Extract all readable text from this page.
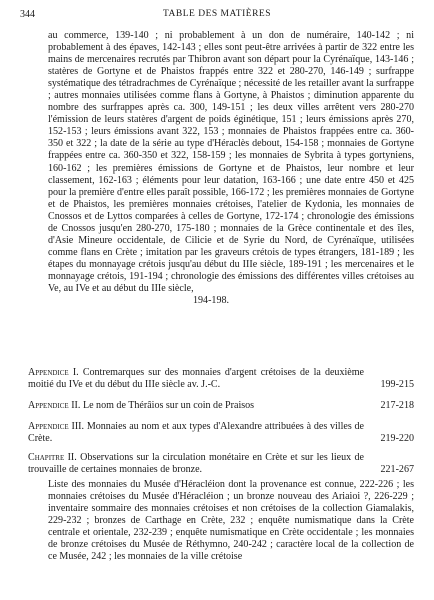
344	TABLE DES MATIÈRES
au commerce, 139-140 ; ni probablement à un don de numéraire, 140-142 ; ni probablement à des épaves, 142-143 ; elles sont peut-être arrivées à partir de 322 entre les mains de mercenaires recrutés par Thibron avant son départ pour la Cyrénaïque, 143-146 ; statères de Gortyne et de Phaistos frappés entre 322 et 280-270, 146-149 ; surfrappe systématique des tétradrachmes de Cyrénaïque ; nécessité de les retailler avant la surfrappe ; autres monnaies utilisées comme flans à Gortyne, à Phaistos ; diminution apparente du nombre des surfrappes après ca. 300, 149-151 ; les deux villes arrêtent vers 280-270 l'émission de leurs statères d'argent de poids éginétique, 151 ; leurs émissions après 270, 152-153 ; leurs émissions avant 322, 153 ; monnaies de Phaistos frappées entre ca. 360-350 et 322 ; la date de la série au type d'Héraclès debout, 154-158 ; monnaies de Gortyne frappées entre ca. 360-350 et 322, 158-159 ; les monnaies de Sybrita à types gortyniens, 160-162 ; les premières émissions de Gortyne et de Phaistos, leur nombre et leur classement, 162-163 ; éléments pour leur datation, 163-166 ; une date entre 450 et 425 pour la première d'entre elles paraît possible, 166-172 ; les premières monnaies de Gortyne et de Phaistos, les premières monnaies crétoises, l'atelier de Kydonia, les monnaies de Cnossos et de Lyttos comparées à celles de Gortyne, 172-174 ; chronologie des émissions de Cnossos jusqu'en 280-270, 175-180 ; monnaies de la Grèce continentale et des îles, d'Asie Mineure occidentale, de Cilicie et de Syrie du Nord, de Cyrénaïque, utilisées comme flans en Crète ; imitation par les graveurs crétois de types étrangers, 181-189 ; les étapes du monnayage crétois jusqu'au début du IIIe siècle, 189-191 ; les mercenaires et le monnayage crétois, 191-194 ; chronologie des émissions des différentes villes crétoises au Ve, au IVe et au début du IIIe siècle,
194-198.
Appendice I. Contremarques sur des monnaies d'argent crétoises de la deuxième moitié du IVe et du début du IIIe siècle av. J.-C.	199-215
Appendice II. Le nom de Thérâios sur un coin de Praisos	217-218
Appendice III. Monnaies au nom et aux types d'Alexandre attribuées à des villes de Crète.	219-220
Chapitre II. Observations sur la circulation monétaire en Crète et sur les lieux de trouvaille de certaines monnaies de bronze.	221-267
Liste des monnaies du Musée d'Héracléion dont la provenance est connue, 222-226 ; les monnaies crétoises du Musée d'Héracléion ; un bronze nouveau des Ariaioi ?, 226-229 ; inventaire sommaire des monnaies crétoises et non crétoises de la collection Giamalakis, 229-232 ; bronzes de Carthage en Crète, 232 ; enquête numismatique dans la Crète centrale et orientale, 232-239 ; enquête numismatique en Crète occidentale ; les monnaies de bronze crétoises du Musée de Réthymno, 240-242 ; caractère local de la collection de ce Musée, 242 ; les monnaies de la ville crétoise
